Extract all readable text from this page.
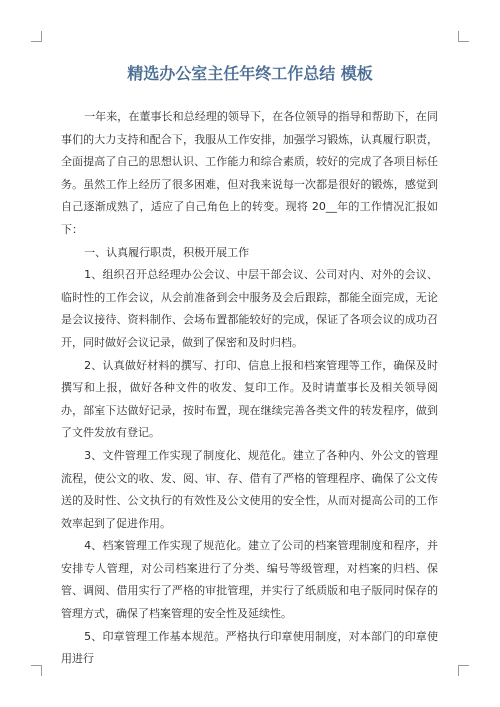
精选办公室主任年终工作总结 模板

一年来，在董事长和总经理的领导下，在各位领导的指导和帮助下，在同事们的大力支持和配合下，我服从工作安排，加强学习锻炼，认真履行职责，全面提高了自己的思想认识、工作能力和综合素质，较好的完成了各项目标任务。虽然工作上经历了很多困难，但对我来说每一次都是很好的锻炼，感觉到自己逐渐成熟了，适应了自己角色上的转变。现将 20__年的工作情况汇报如下：

一、认真履行职责，积极开展工作

1、组织召开总经理办公会议、中层干部会议、公司对内、对外的会议、临时性的工作会议，从会前准备到会中服务及会后跟踪，都能全面完成，无论是会议接待、资料制作、会场布置都能较好的完成，保证了各项会议的成功召开，同时做好会议记录，做到了保密和及时归档。

2、认真做好材料的撰写、打印、信息上报和档案管理等工作，确保及时撰写和上报，做好各种文件的收发、复印工作。及时请董事长及相关领导阅办，部室下达做好记录，按时布置，现在继续完善各类文件的转发程序，做到了文件发放有登记。

3、文件管理工作实现了制度化、规范化。建立了各种内、外公文的管理流程，使公文的收、发、阅、审、存、借有了严格的管理程序、确保了公文传送的及时性、公文执行的有效性及公文使用的安全性，从而对提高公司的工作效率起到了促进作用。

4、档案管理工作实现了规范化。建立了公司的档案管理制度和程序，并安排专人管理，对公司档案进行了分类、编号等级管理，对档案的归档、保管、调阅、借用实行了严格的审批管理，并实行了纸质版和电子版同时保存的管理方式，确保了档案管理的安全性及延续性。

5、印章管理工作基本规范。严格执行印章使用制度，对本部门的印章使用进行
